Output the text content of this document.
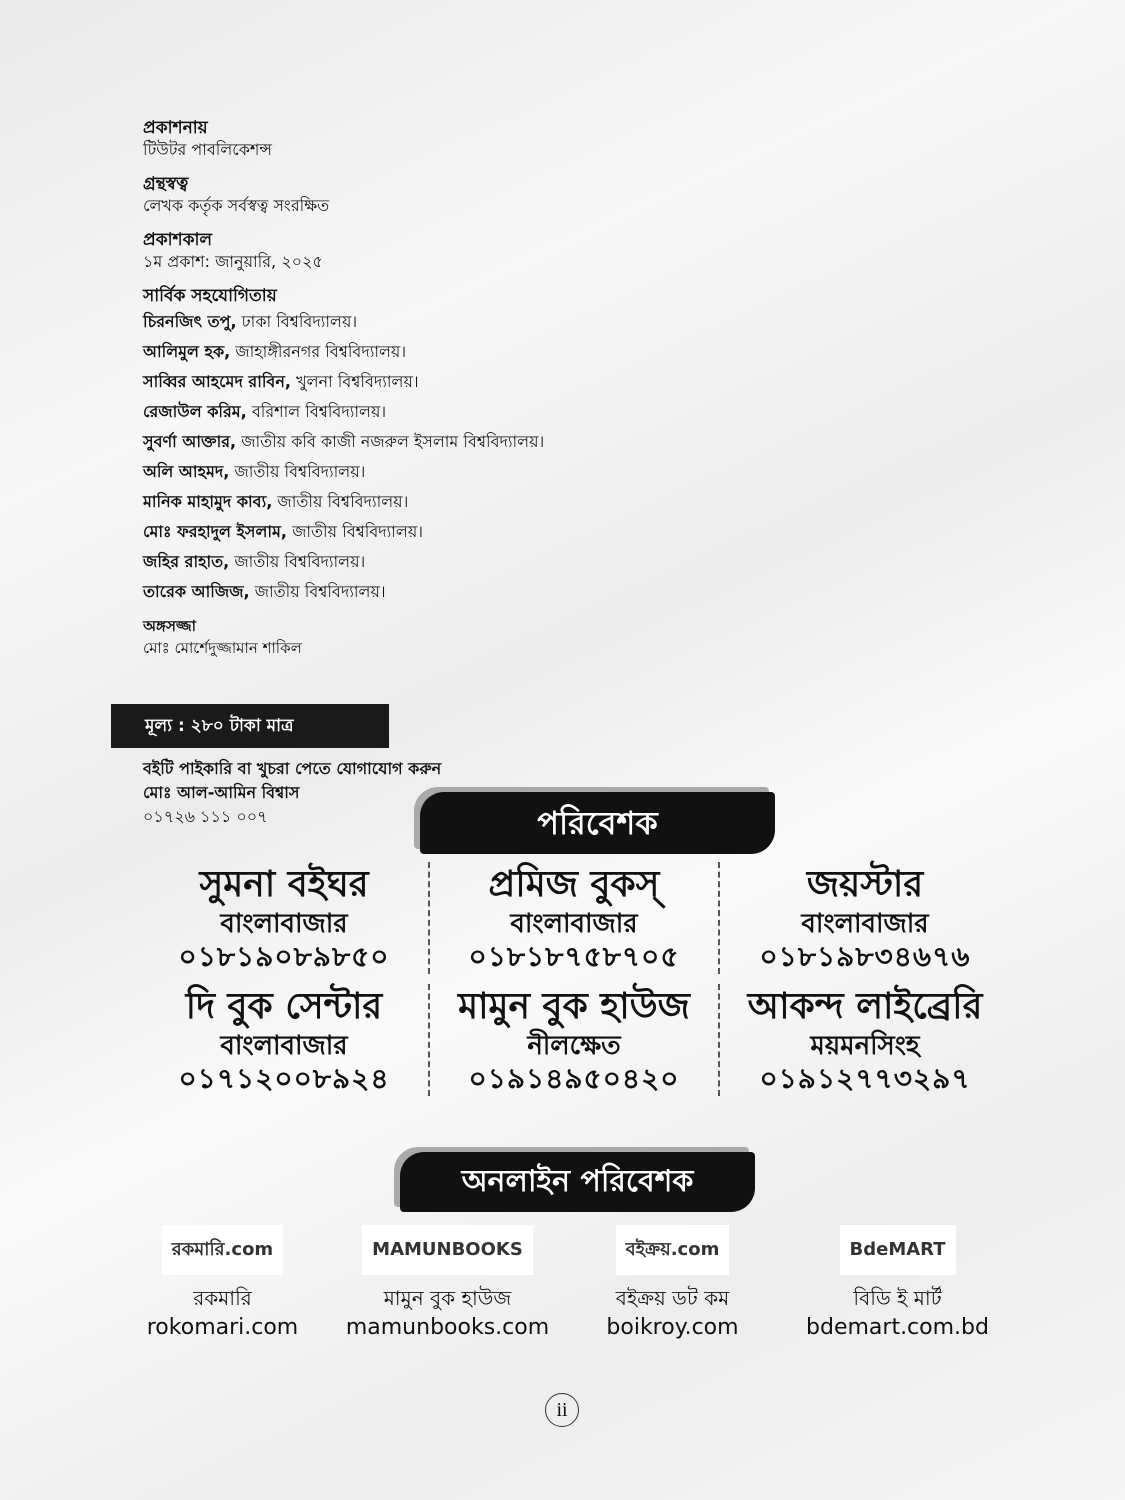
প্রকাশনায়
টিউটর পাবলিকেশন্স
গ্রন্থস্বত্ব
লেখক কর্তৃক সর্বস্বত্ব সংরক্ষিত
প্রকাশকাল
১ম প্রকাশ: জানুয়ারি, ২০২৫
সার্বিক সহযোগিতায়
চিরনজিৎ তপু, ঢাকা বিশ্ববিদ্যালয়।
আলিমুল হক, জাহাঙ্গীরনগর বিশ্ববিদ্যালয়।
সাব্বির আহমেদ রাবিন, খুলনা বিশ্ববিদ্যালয়।
রেজাউল করিম, বরিশাল বিশ্ববিদ্যালয়।
সুবর্ণা আক্তার, জাতীয় কবি কাজী নজরুল ইসলাম বিশ্ববিদ্যালয়।
অলি আহমদ, জাতীয় বিশ্ববিদ্যালয়।
মানিক মাহামুদ কাব্য, জাতীয় বিশ্ববিদ্যালয়।
মোঃ ফরহাদুল ইসলাম, জাতীয় বিশ্ববিদ্যালয়।
জহির রাহাত, জাতীয় বিশ্ববিদ্যালয়।
তারেক আজিজ, জাতীয় বিশ্ববিদ্যালয়।
অঙ্গসজ্জা
মোঃ মোর্শেদুজ্জামান শাকিল
মূল্য : ২৮০ টাকা মাত্র
বইটি পাইকারি বা খুচরা পেতে যোগাযোগ করুন
মোঃ আল-আমিন বিশ্বাস
০১৭২৬ ১১১ ০০৭	পরিবেশক
সুমনা বইঘর
বাংলাবাজার
০১৮১৯০৮৯৮৫০
প্রমিজ বুকস্
বাংলাবাজার
০১৮১৮৭৫৮৭০৫
জয়স্টার
বাংলাবাজার
০১৮১৯৮৩৪৬৭৬
দি বুক সেন্টার
বাংলাবাজার
০১৭১২০০৮৯২৪
মামুন বুক হাউজ
নীলক্ষেত
০১৯১৪৯৫০৪২০
আকন্দ লাইব্রেরি
ময়মনসিংহ
০১৯১২৭৭৩২৯৭
অনলাইন পরিবেশক
রকমারি.com
রকমারি
rokomari.com
MAMUNBOOKS
মামুন বুক হাউজ
mamunbooks.com
বইক্রয়.com
বইক্রয় ডট কম
boikroy.com
BdeMART
বিডি ই মার্ট
bdemart.com.bd
ii
